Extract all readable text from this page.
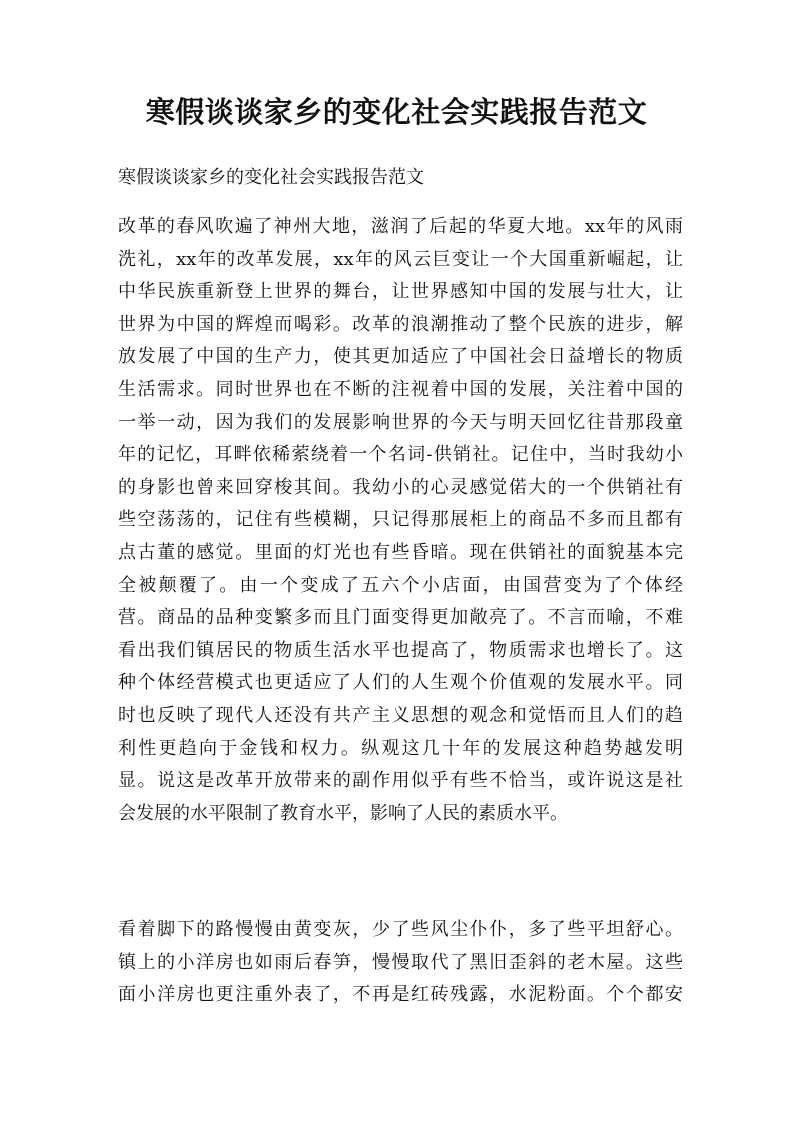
寒假谈谈家乡的变化社会实践报告范文

寒假谈谈家乡的变化社会实践报告范文

改革的春风吹遍了神州大地，滋润了后起的华夏大地。xx年的风雨
洗礼，xx年的改革发展，xx年的风云巨变让一个大国重新崛起，让
中华民族重新登上世界的舞台，让世界感知中国的发展与壮大，让
世界为中国的辉煌而喝彩。改革的浪潮推动了整个民族的进步，解
放发展了中国的生产力，使其更加适应了中国社会日益增长的物质
生活需求。同时世界也在不断的注视着中国的发展，关注着中国的
一举一动，因为我们的发展影响世界的今天与明天回忆往昔那段童
年的记忆，耳畔依稀萦绕着一个名词-供销社。记住中，当时我幼小
的身影也曾来回穿梭其间。我幼小的心灵感觉偌大的一个供销社有
些空荡荡的，记住有些模糊，只记得那展柜上的商品不多而且都有
点古董的感觉。里面的灯光也有些昏暗。现在供销社的面貌基本完
全被颠覆了。由一个变成了五六个小店面，由国营变为了个体经
营。商品的品种变繁多而且门面变得更加敞亮了。不言而喻，不难
看出我们镇居民的物质生活水平也提高了，物质需求也增长了。这
种个体经营模式也更适应了人们的人生观个价值观的发展水平。同
时也反映了现代人还没有共产主义思想的观念和觉悟而且人们的趋
利性更趋向于金钱和权力。纵观这几十年的发展这种趋势越发明
显。说这是改革开放带来的副作用似乎有些不恰当，或许说这是社
会发展的水平限制了教育水平，影响了人民的素质水平。
看着脚下的路慢慢由黄变灰，少了些风尘仆仆，多了些平坦舒心。
镇上的小洋房也如雨后春笋，慢慢取代了黑旧歪斜的老木屋。这些
面小洋房也更注重外表了，不再是红砖残露，水泥粉面。个个都安
